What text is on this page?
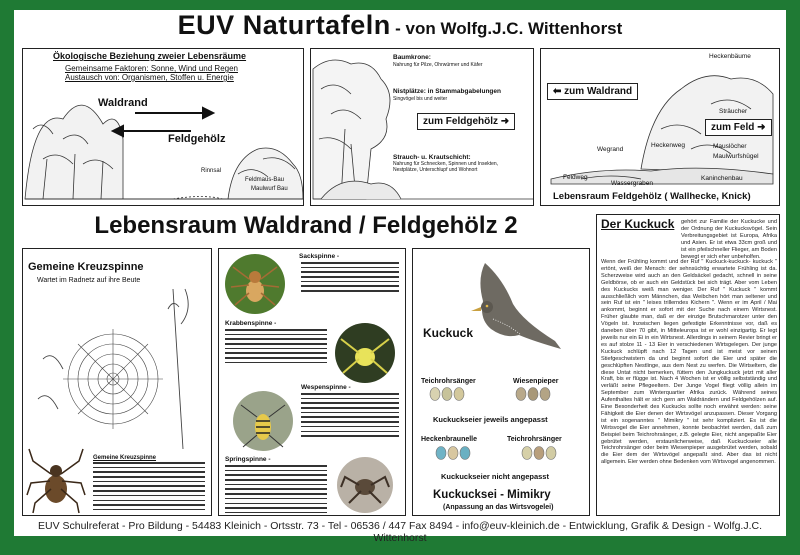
EUV Naturtafeln - von Wolfg.J.C. Wittenhorst
Ökologische Beziehung zweier Lebensräume
Gemeinsame Faktoren: Sonne, Wind und Regen
Austausch von: Organismen, Stoffen u. Energie
Waldrand
Feldgehölz
Rinnsal
Feldmaus-Bau
Maulwurf Bau
Baumkrone:
Nahrung für Pilze, Ohrwürmer und Käfer
Nistplätze: in Stammabgabelungen
Singvögel bis und weiter
zum Feldgehölz ➜
Strauch- u. Krautschicht:
Nahrung für Schnecken, Spinnen und Insekten, Nestplätze, Unterschlupf und Wohnort
Heckenbäume
⬅ zum Waldrand
Sträucher
zum Feld ➜
Wegrand
Heckenweg	Mauslöcher
Maulwurfshügel
Feldweg
Wassergraben
Kaninchenbau
Lebensraum Feldgehölz ( Wallhecke, Knick)
Lebensraum Waldrand / Feldgehölz 2
Gemeine Kreuzspinne
Wartet im Radnetz auf ihre Beute
Gemeine Kreuzspinne
Sackspinne -
Krabbenspinne -
Wespenspinne -
Springspinne -
Kuckuck
Teichrohrsänger	Wiesenpieper
Kuckuckseier jeweils angepasst
Heckenbraunelle	Teichrohrsänger
Kuckuckseier nicht angepasst
Kuckucksei - Mimikry
(Anpassung an das Wirtsvogelei)
Der Kuckuck gehört zur Familie der Kuckucke und der Ordnung der Kuckucksvögel. Sein Verbreitungsgebiet ist Europa, Afrika und Asien. Er ist etwa 33cm groß und ist ein pfeilschneller Flieger, am Boden bewegt er sich eher unbeholfen.
Wenn der Frühling kommt und der Ruf " Kuckuck-kuckuck- kuckuck " ertönt, weiß der Mensch: der sehnsüchtig erwartete Frühling ist da. Scherzweise wird auch an den Geldsäckel gedacht, schnell in seine Geldbörse, ob er auch ein Geldstück bei sich trägt. Aber vom Leben des Kuckucks weiß man weniger. Der Ruf " Kuckuck " kommt ausschließlich vom Männchen, das Weibchen hört man seltener und sein Ruf ist ein " leises trillerndes Kichern ". Wenn er im April / Mai ankommt, beginnt er sofort mit der Suche nach einem Wirtsnest. Früher glaubte man, daß er der einzige Brutschmarotzer unter den Vögeln ist. Inzwischen liegen gefestigte Erkenntnisse vor, daß es daneben über 70 gibt, in Mitteleuropa ist er wohl einzigartig. Er legt jeweils nur ein Ei in ein Wirtsnest. Allerdings in seinem Revier bringt er es auf stolze 11 - 13 Eier in verschiedenen Wirtsgelegen. Der junge Kuckuck schlüpft nach 12 Tagen und ist meist vor seinen Stiefgeschwistern da und beginnt sofort die Eier und später die geschlüpften Nestlinge, aus dem Nest zu werfen. Die Wirtseltern, die diese Untat nicht bemerken, füttern den Jungkuckuck jetzt mit aller Kraft, bis er flügge ist. Nach 4 Wochen ist er völlig selbstständig und verläßt seine Pflegeeltern. Der Junge Vogel fliegt völlig allein im September zum Winterquartier Afrika zurück. Während seines Aufenthaltes hält er sich gern am Waldrändern und Feldgehölzen auf. Eine Besonderheit des Kuckucks sollte noch erwähnt werden: seine Fähigkeit die Eier denen der Wirtsvögel anzupassen. Dieser Vorgang ist ein sogenanntes " Mimikry " ist sehr kompliziert. Es ist die Wirtsvogel die Eier annehmen, konnte beobachtet werden, daß zum Beispiel beim Teichrohrsänger, z.B. gelegte Eier, nicht angepaßte Eier gebrütet werden, erstaunlicherweise, daß Kuckuckseier alle Teichrohrsänger oder beim Wiesenpieper ausgebrütet werden, sobald die Eier dem der Wirtsvögel angepaßt sind. Aber das ist nicht allgemein. Eier werden ohne Bedenken vom Wirtsvogel angenommen.
EUV Schulreferat - Pro Bildung - 54483 Kleinich - Ortsstr. 73 - Tel - 06536 / 447 Fax 8494 - info@euv-kleinich.de - Entwicklung, Grafik & Design - Wolfg.J.C. Wittenhorst
